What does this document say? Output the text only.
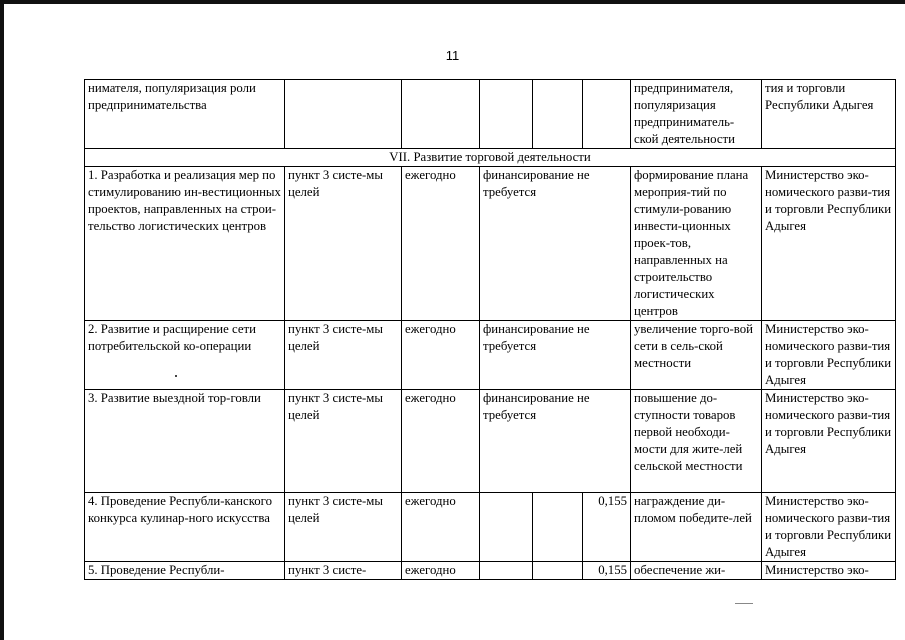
11
нимателя, популяризация роли предпринимательства						предпринимателя, популяризация предприниматель-ской деятельности	тия и торговли Республики Адыгея
VII. Развитие торговой деятельности							
1. Разработка и реализация мер по стимулированию ин-вестиционных проектов, направленных на строи-тельство логистических центров	пункт 3 систе-мы целей	ежегодно	финансирование не требуется			формирование плана мероприя-тий по стимули-рованию инвести-ционных проек-тов, направленных на строительство логистических центров	Министерство эко-номического разви-тия и торговли Республики Адыгея
2. Развитие и расщирение сети потребительской ко-операции	пункт 3 систе-мы целей	ежегодно	финансирование не требуется			увеличение торго-вой сети в сель-ской местности	Министерство эко-номического разви-тия и торговли Республики Адыгея
3. Развитие выездной тор-говли	пункт 3 систе-мы целей	ежегодно	финансирование не требуется			повышение до-ступности товаров первой необходи-мости для жите-лей сельской местности	Министерство эко-номического разви-тия и торговли Республики Адыгея
4. Проведение Республи-канского конкурса кулинар-ного искусства	пункт 3 систе-мы целей	ежегодно			0,155	награждение ди-пломом победите-лей	Министерство эко-номического разви-тия и торговли Республики Адыгея
5. Проведение Республи-	пункт 3 систе-	ежегодно			0,155	обеспечение жи-	Министерство эко-
